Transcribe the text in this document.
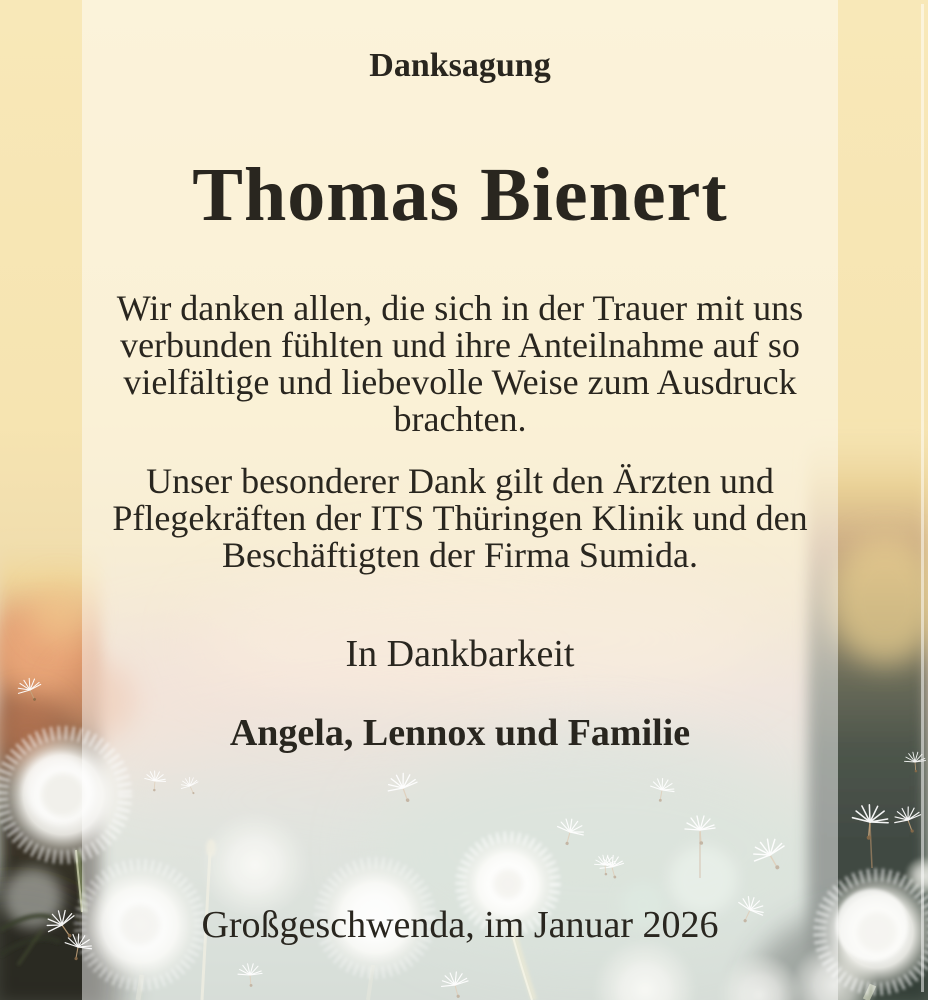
Danksagung
Thomas Bienert
Wir danken allen, die sich in der Trauer mit uns
verbunden fühlten und ihre Anteilnahme auf so
vielfältige und liebevolle Weise zum Ausdruck
brachten.
Unser besonderer Dank gilt den Ärzten und
Pflegekräften der ITS Thüringen Klinik und den
Beschäftigten der Firma Sumida.
In Dankbarkeit
Angela, Lennox und Familie
Großgeschwenda, im Januar 2026
